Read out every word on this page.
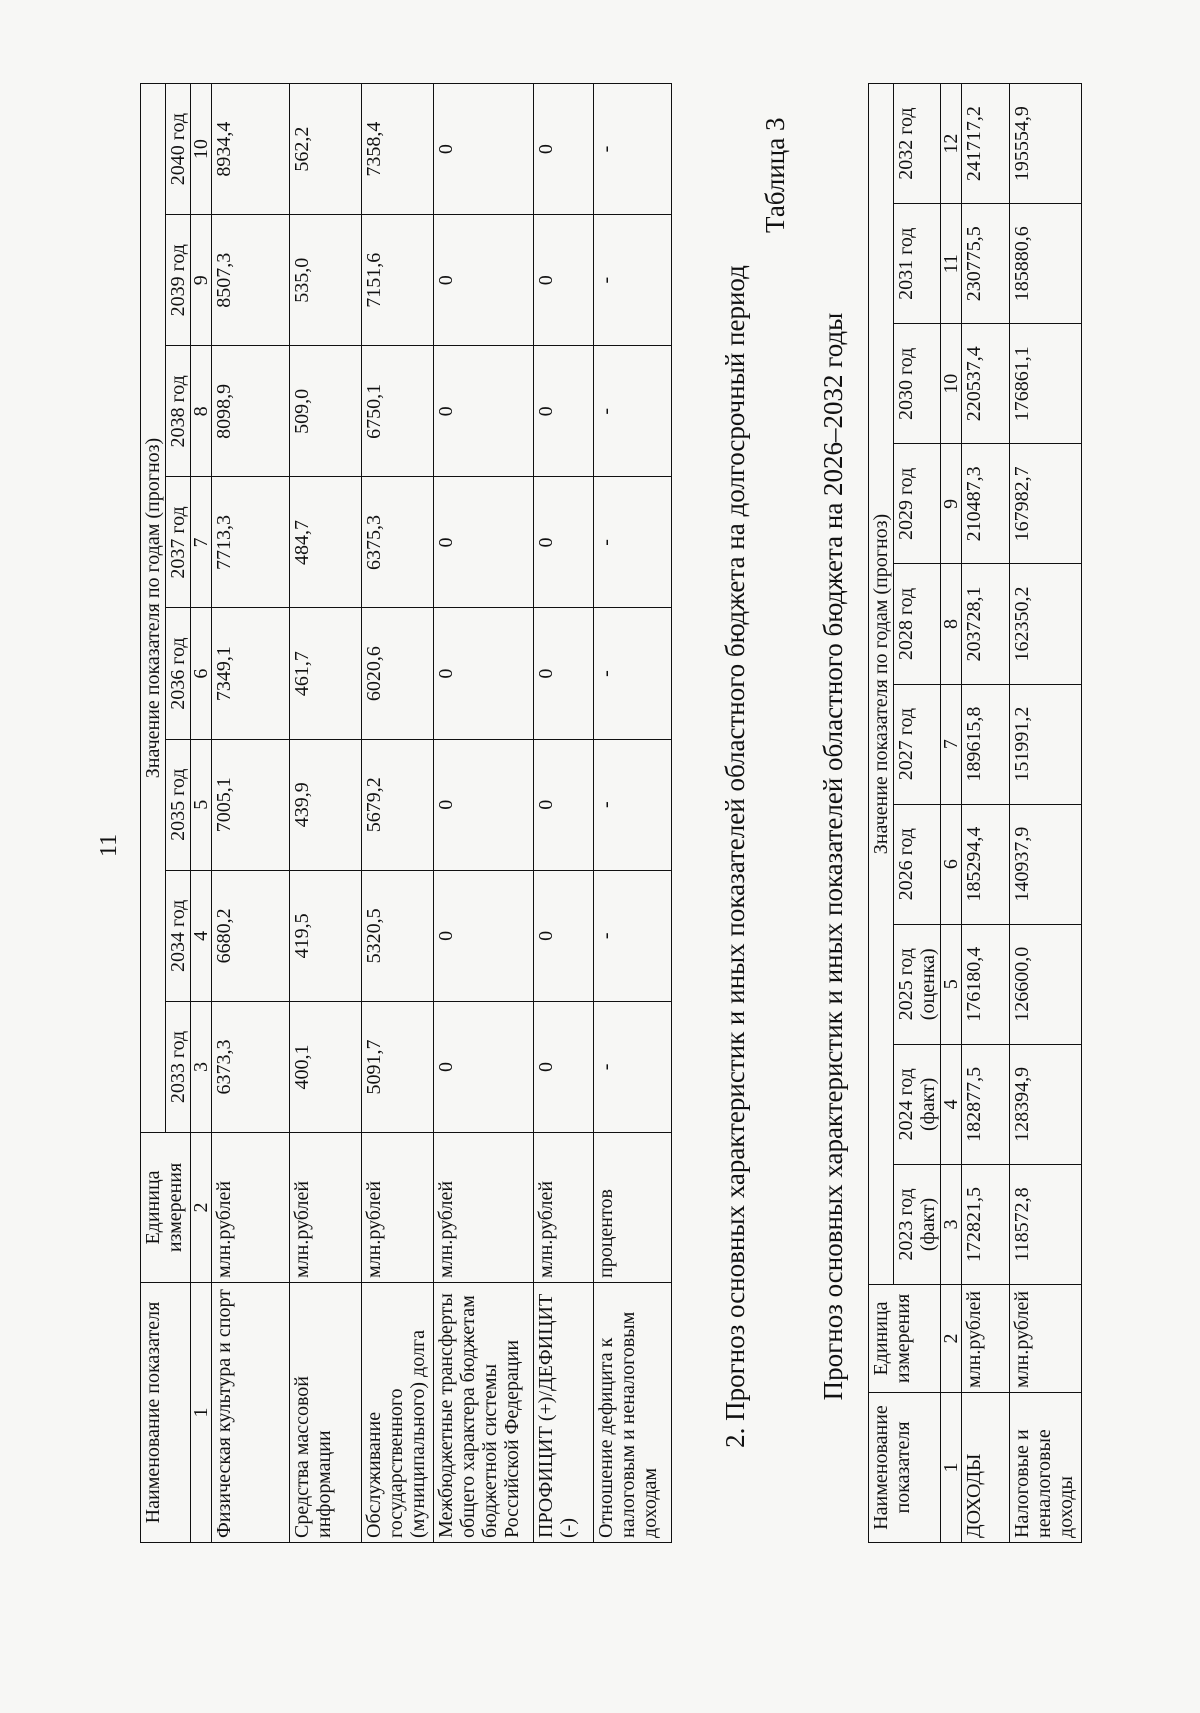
11
Наименование показателя	Единица измерения	Значение показателя по годам (прогноз)							
		2033 год	2034 год	2035 год	2036 год	2037 год	2038 год	2039 год	2040 год
1	2	3	4	5	6	7	8	9	10
Физическая культура и спорт	млн.рублей	6373,3	6680,2	7005,1	7349,1	7713,3	8098,9	8507,3	8934,4
Средства массовой информации	млн.рублей	400,1	419,5	439,9	461,7	484,7	509,0	535,0	562,2
Обслуживание государственного (муниципального) долга	млн.рублей	5091,7	5320,5	5679,2	6020,6	6375,3	6750,1	7151,6	7358,4
Межбюджетные трансферты общего характера бюджетам бюджетной системы Российской Федерации	млн.рублей	0	0	0	0	0	0	0	0
ПРОФИЦИТ (+)/ДЕФИЦИТ (-)	млн.рублей	0	0	0	0	0	0	0	0
Отношение дефицита к налоговым и неналоговым доходам	процентов	-	-	-	-	-	-	-	-
2. Прогноз основных характеристик и иных показателей областного бюджета на долгосрочный период
Таблица 3
Прогноз основных характеристик и иных показателей областного бюджета на 2026–2032 годы
Наименование показателя	Единица измерения	Значение показателя по годам (прогноз)									
		2023 год (факт)	2024 год (факт)	2025 год (оценка)	2026 год	2027 год	2028 год	2029 год	2030 год	2031 год	2032 год
1	2	3	4	5	6	7	8	9	10	11	12
ДОХОДЫ	млн.рублей	172821,5	182877,5	176180,4	185294,4	189615,8	203728,1	210487,3	220537,4	230775,5	241717,2
Налоговые и неналоговые доходы	млн.рублей	118572,8	128394,9	126600,0	140937,9	151991,2	162350,2	167982,7	176861,1	185880,6	195554,9
